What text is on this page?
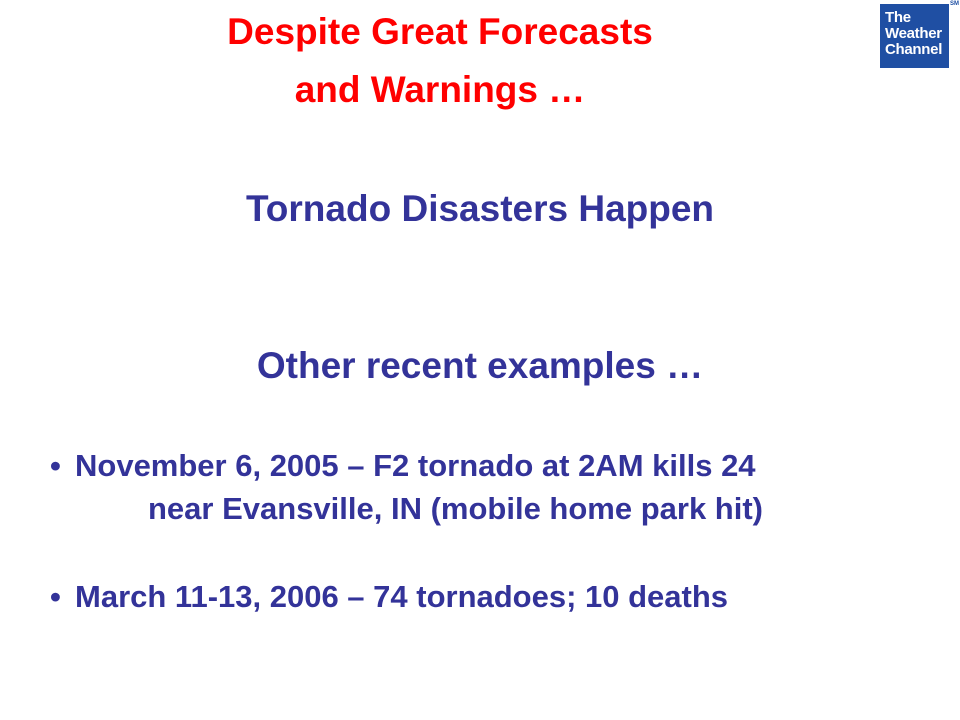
Despite Great Forecasts
and Warnings …
The
Weather
Channel
SM
Tornado Disasters Happen
Other recent examples …
• November 6, 2005 – F2 tornado at 2AM kills 24
near Evansville, IN (mobile home park hit)
• March 11-13, 2006 – 74 tornadoes; 10 deaths
